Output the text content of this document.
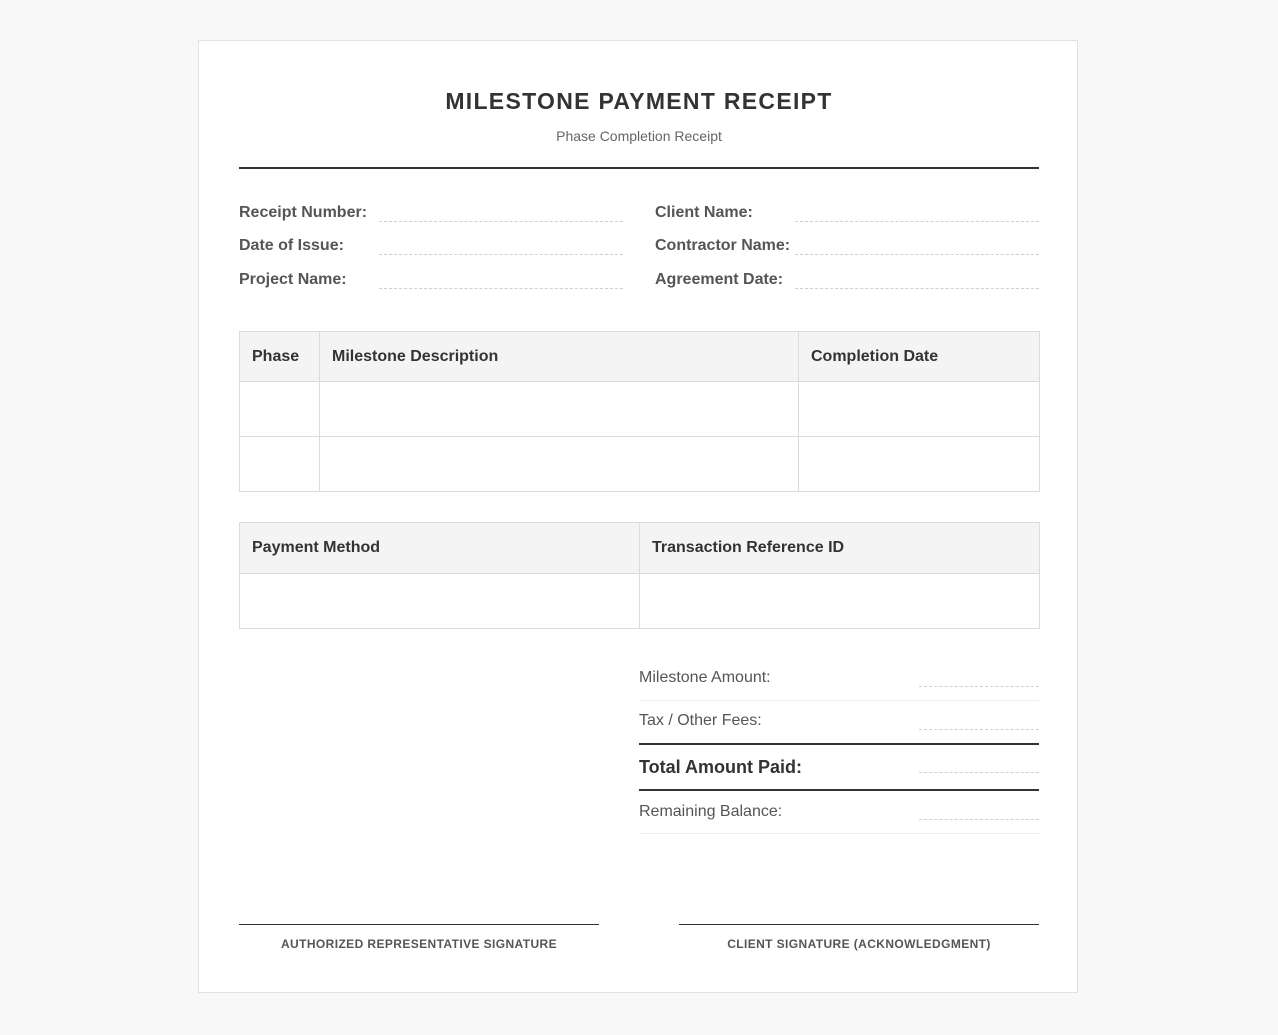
MILESTONE PAYMENT RECEIPT
Phase Completion Receipt
Receipt Number:
Date of Issue:
Project Name:
Client Name:
Contractor Name:
Agreement Date:
Phase	Milestone Description	Completion Date

Payment Method	Transaction Reference ID

Milestone Amount:
Tax / Other Fees:
Total Amount Paid:
Remaining Balance:
AUTHORIZED REPRESENTATIVE SIGNATURE	CLIENT SIGNATURE (ACKNOWLEDGMENT)
